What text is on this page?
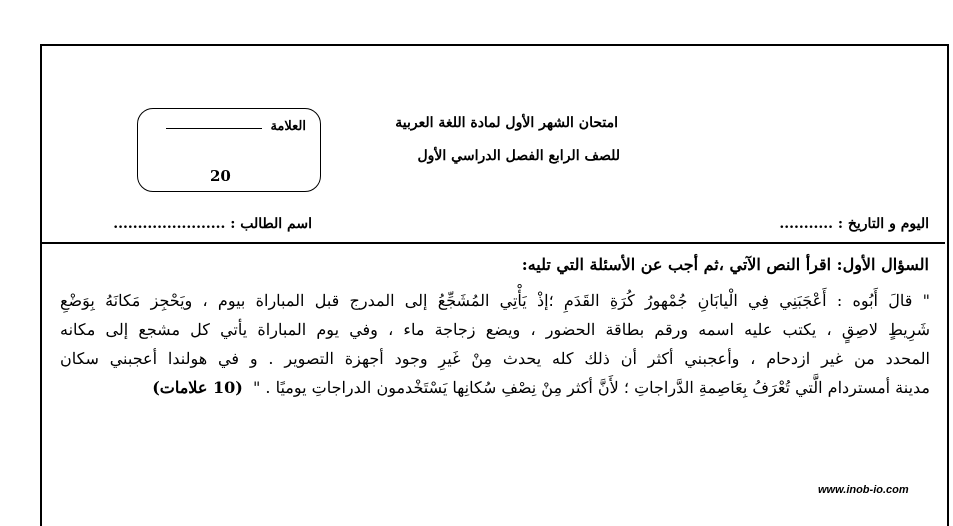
امتحان الشهر الأول لمادة اللغة العربية
للصف الرابع الفصل الدراسي الأول
العلامة
20
اليوم و التاريخ : ...........
اسم الطالب : .......................
السؤال الأول: اقرأ النص الآتي ،ثم أجب عن الأسئلة التي تليه:
" قالَ أَبُوه : أَعْجَبَنِي فِي الْيابَانِ جُمْهورُ كُرَةِ القَدَمِ ؛إذْ يَأْتِي المُشَجِّعُ إلى المدرج قبل المباراة بيوم ، ويَحْجِز مَكانَهُ بِوَضْعِ
شَرِيطٍ لاصِقٍ ، يكتب عليه اسمه ورقم بطاقة الحضور ، ويضع زجاجة ماء ، وفي يوم المباراة يأتي كل مشجع إلى مكانه
المحدد من غير ازدحام ، وأعجبني أكثر أن ذلك كله يحدث مِنْ غَيرِ وجود أجهزة التصوير . و في هولندا أعجبني سكان
مدينة أمستردام الَّتي تُعْرَفُ بِعَاصِمةِ الدَّراجاتِ ؛ لأَنَّ أكثر مِنْ نِصْفِ سُكانِها يَسْتَخْدمون الدراجاتِ يوميًا . "  (10 علامات)
www.inob-io.com
